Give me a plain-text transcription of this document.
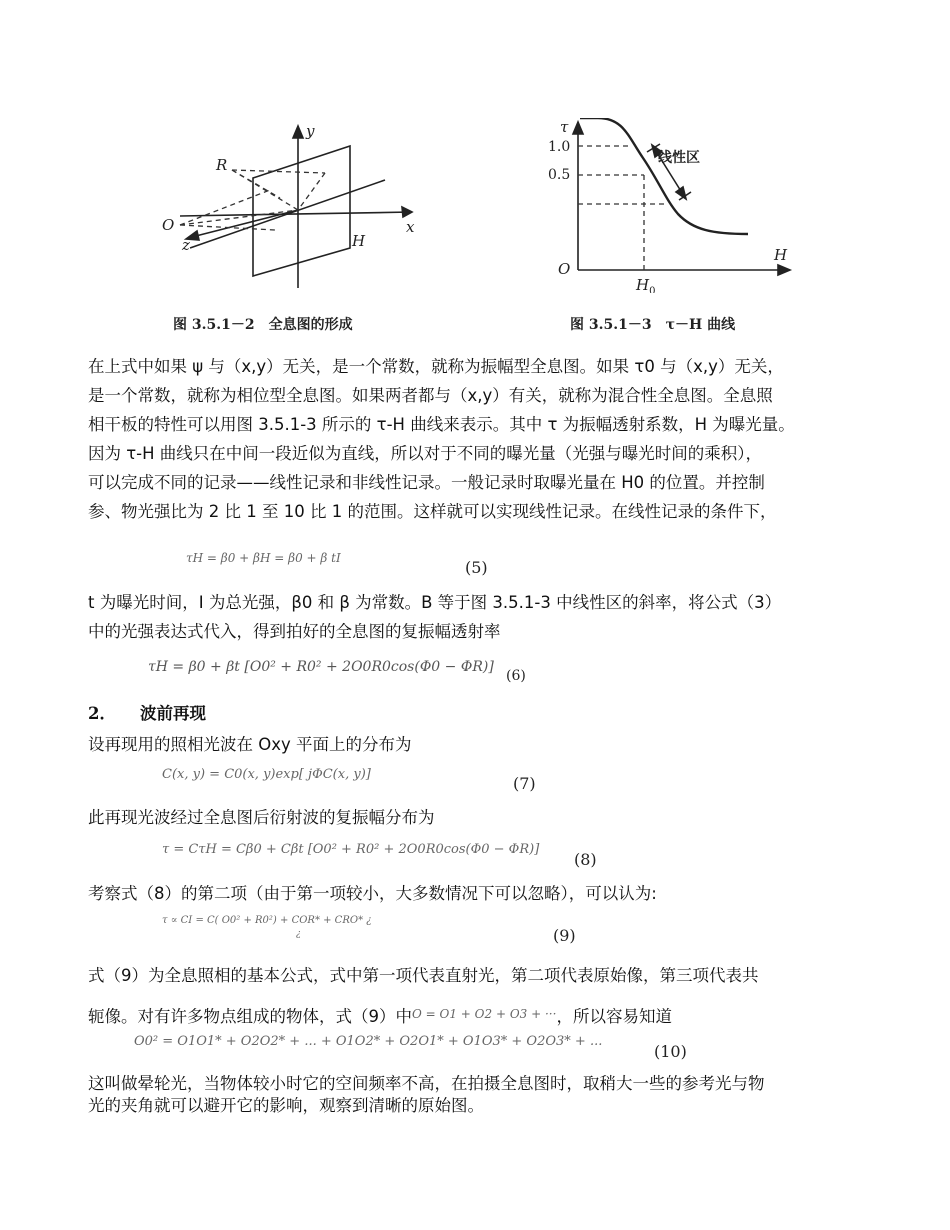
y
R
x
O
z	H
图 3.5.1－2　全息图的形成
τ
1.0
0.5
线性区
O
H
$H_0$
图 3.5.1－3　τ－H 曲线
在上式中如果 ψ 与（x,y）无关，是一个常数，就称为振幅型全息图。如果 τ0 与（x,y）无关，
是一个常数，就称为相位型全息图。如果两者都与（x,y）有关，就称为混合性全息图。全息照
相干板的特性可以用图 3.5.1-3 所示的 τ-H 曲线来表示。其中 τ 为振幅透射系数，H 为曝光量。
因为 τ-H 曲线只在中间一段近似为直线，所以对于不同的曝光量（光强与曝光时间的乘积），
可以完成不同的记录——线性记录和非线性记录。一般记录时取曝光量在 H0 的位置。并控制
参、物光强比为 2 比 1 至 10 比 1 的范围。这样就可以实现线性记录。在线性记录的条件下，
τH = β0 + βH = β0 + β tI	(5)
t 为曝光时间，I 为总光强，β0 和 β 为常数。B 等于图 3.5.1-3 中线性区的斜率，将公式（3）
中的光强表达式代入，得到拍好的全息图的复振幅透射率
τH = β0 + βt [O0² + R0² + 2O0R0cos(Φ0 − ΦR)]
(6)
2． 波前再现
设再现用的照相光波在 Oxy 平面上的分布为
C(x, y) = C0(x, y)exp[ jΦC(x, y)]	(7)
此再现光波经过全息图后衍射波的复振幅分布为
τ = CτH = Cβ0 + Cβt [O0² + R0² + 2O0R0cos(Φ0 − ΦR)]
(8)
考察式（8）的第二项（由于第一项较小，大多数情况下可以忽略），可以认为:
τ ∝ CI = C( O0² + R0²) + COR* + CRO* ¿
¿	(9)
式（9）为全息照相的基本公式，式中第一项代表直射光，第二项代表原始像，第三项代表共
轭像。对有许多物点组成的物体，式（9）中$^{O = O1 + O2 + O3 + \cdot\cdot\cdot}$，所以容易知道
O0² = O1O1* + O2O2* + ... + O1O2* + O2O1* + O1O3* + O2O3* + ...
(10)
这叫做晕轮光，当物体较小时它的空间频率不高，在拍摄全息图时，取稍大一些的参考光与物
光的夹角就可以避开它的影响，观察到清晰的原始图。
